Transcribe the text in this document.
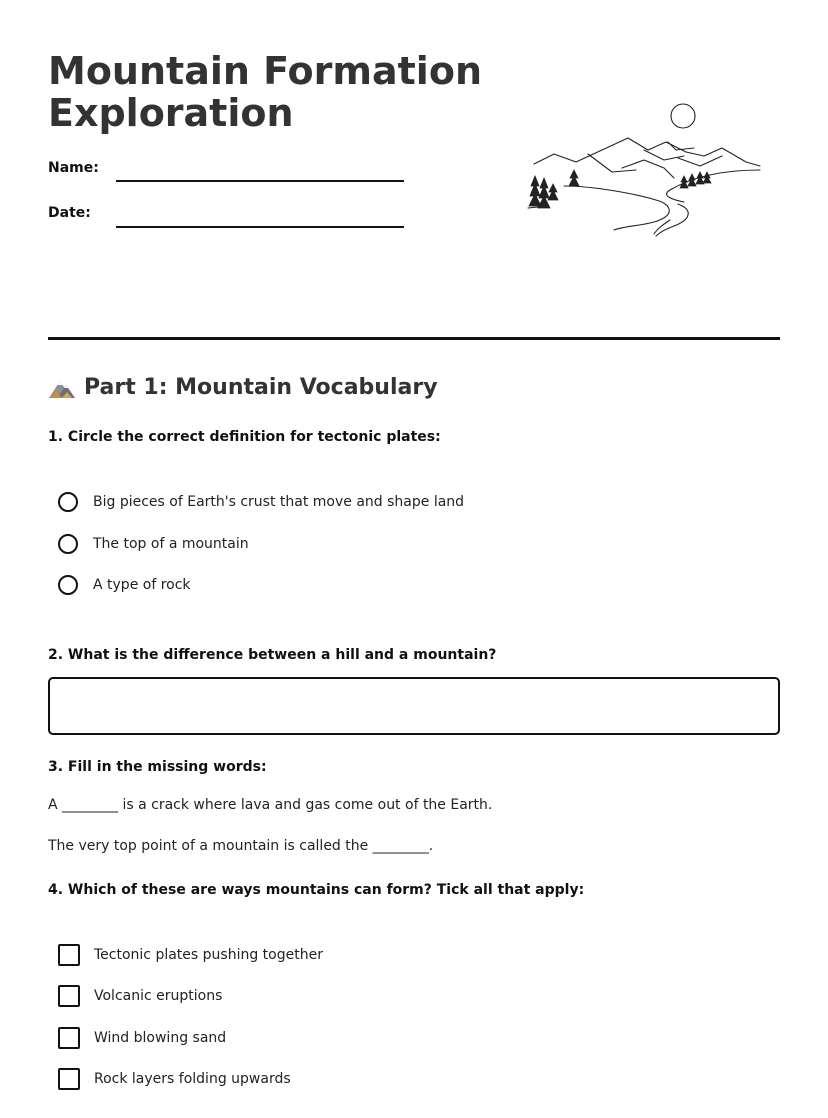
Mountain Formation
Exploration
Name:
Date:
Part 1: Mountain Vocabulary
1. Circle the correct definition for tectonic plates:
Big pieces of Earth's crust that move and shape land
The top of a mountain
A type of rock
2. What is the difference between a hill and a mountain?
3. Fill in the missing words:
A ________ is a crack where lava and gas come out of the Earth.
The very top point of a mountain is called the ________.
4. Which of these are ways mountains can form? Tick all that apply:
Tectonic plates pushing together
Volcanic eruptions
Wind blowing sand
Rock layers folding upwards
